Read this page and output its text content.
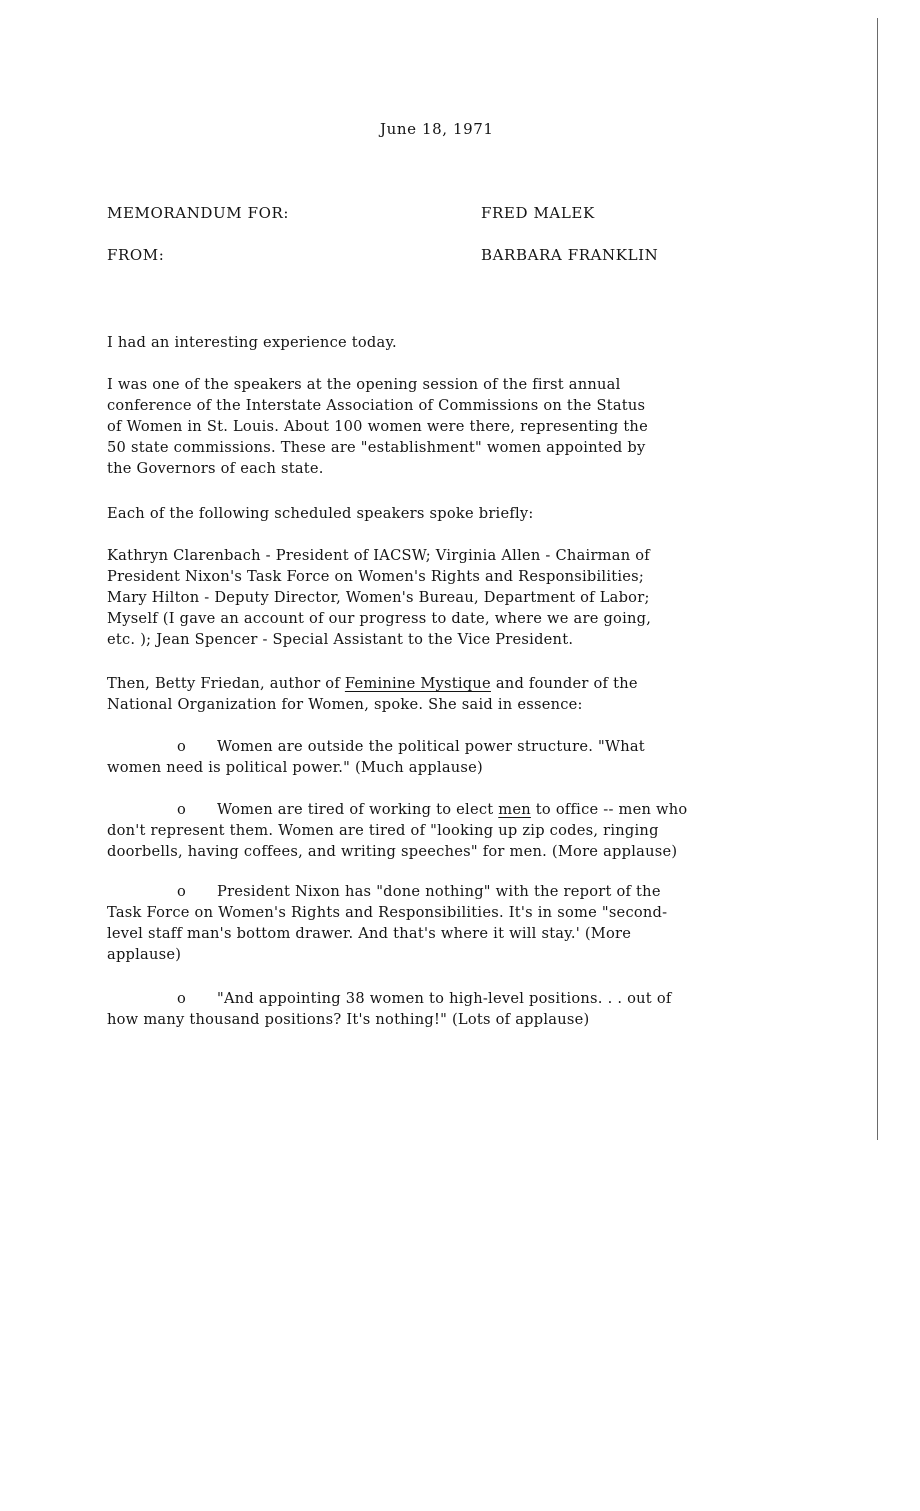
June 18, 1971
MEMORANDUM FOR:	FRED MALEK
FROM:	BARBARA FRANKLIN
I had an interesting experience today.
I was one of the speakers at the opening session of the first annual
conference of the Interstate Association of Commissions on the Status
of Women in St. Louis. About 100 women were there, representing the
50 state commissions. These are "establishment" women appointed by
the Governors of each state.
Each of the following scheduled speakers spoke briefly:
Kathryn Clarenbach - President of IACSW; Virginia Allen - Chairman of
President Nixon's Task Force on Women's Rights and Responsibilities;
Mary Hilton - Deputy Director, Women's Bureau, Department of Labor;
Myself (I gave an account of our progress to date, where we are going,
etc. ); Jean Spencer - Special Assistant to the Vice President.
Then, Betty Friedan, author of Feminine Mystique and founder of the
National Organization for Women, spoke. She said in essence:
o Women are outside the political power structure. "What
women need is political power." (Much applause)
o Women are tired of working to elect men to office -- men who
don't represent them. Women are tired of "looking up zip codes, ringing
doorbells, having coffees, and writing speeches" for men. (More applause)
o President Nixon has "done nothing" with the report of the
Task Force on Women's Rights and Responsibilities. It's in some "second-
level staff man's bottom drawer. And that's where it will stay.' (More
applause)
o "And appointing 38 women to high-level positions. . . out of
how many thousand positions? It's nothing!" (Lots of applause)
